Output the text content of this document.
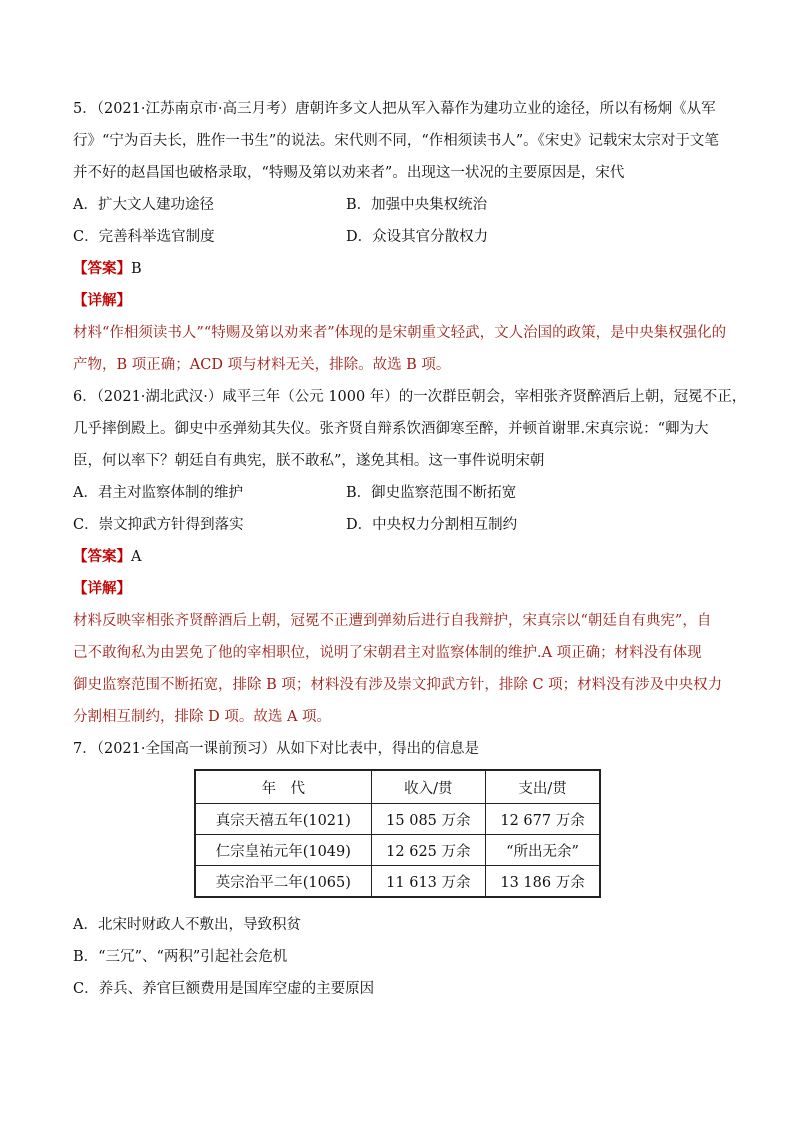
5．（2021·江苏南京市·高三月考）唐朝许多文人把从军入幕作为建功立业的途径，所以有杨炯《从军
行》“宁为百夫长，胜作一书生”的说法。宋代则不同，“作相须读书人”。《宋史》记载宋太宗对于文笔
并不好的赵昌国也破格录取，“特赐及第以劝来者”。出现这一状况的主要原因是，宋代
A．扩大文人建功途径	B．加强中央集权统治
C．完善科举选官制度	D．众设其官分散权力
【答案】B
【详解】
材料“作相须读书人”“特赐及第以劝来者”体现的是宋朝重文轻武，文人治国的政策，是中央集权强化的
产物，B 项正确；ACD 项与材料无关，排除。故选 B 项。
6．（2021·湖北武汉·）咸平三年（公元 1000 年）的一次群臣朝会，宰相张齐贤醉酒后上朝，冠冕不正，
几乎摔倒殿上。御史中丞弹劾其失仪。张齐贤自辩系饮酒御寒至醉，并顿首谢罪.宋真宗说：“卿为大
臣，何以率下？朝廷自有典宪，朕不敢私”，遂免其相。这一事件说明宋朝
A．君主对监察体制的维护	B．御史监察范围不断拓宽
C．崇文抑武方针得到落实	D．中央权力分割相互制约
【答案】A
【详解】
材料反映宰相张齐贤醉酒后上朝，冠冕不正遭到弹劾后进行自我辩护，宋真宗以“朝廷自有典宪”，自
己不敢徇私为由罢免了他的宰相职位，说明了宋朝君主对监察体制的维护.A 项正确；材料没有体现
御史监察范围不断拓宽，排除 B 项；材料没有涉及崇文抑武方针，排除 C 项；材料没有涉及中央权力
分割相互制约，排除 D 项。故选 A 项。
7．（2021·全国高一课前预习）从如下对比表中，得出的信息是
年　代	收入/贯	支出/贯
真宗天禧五年(1021)	15 085 万余	12 677 万余
仁宗皇祐元年(1049)	12 625 万余	“所出无余”
英宗治平二年(1065)	11 613 万余	13 186 万余
A．北宋时财政人不敷出，导致积贫
B．“三冗”、“两积”引起社会危机
C．养兵、养官巨额费用是国库空虚的主要原因
